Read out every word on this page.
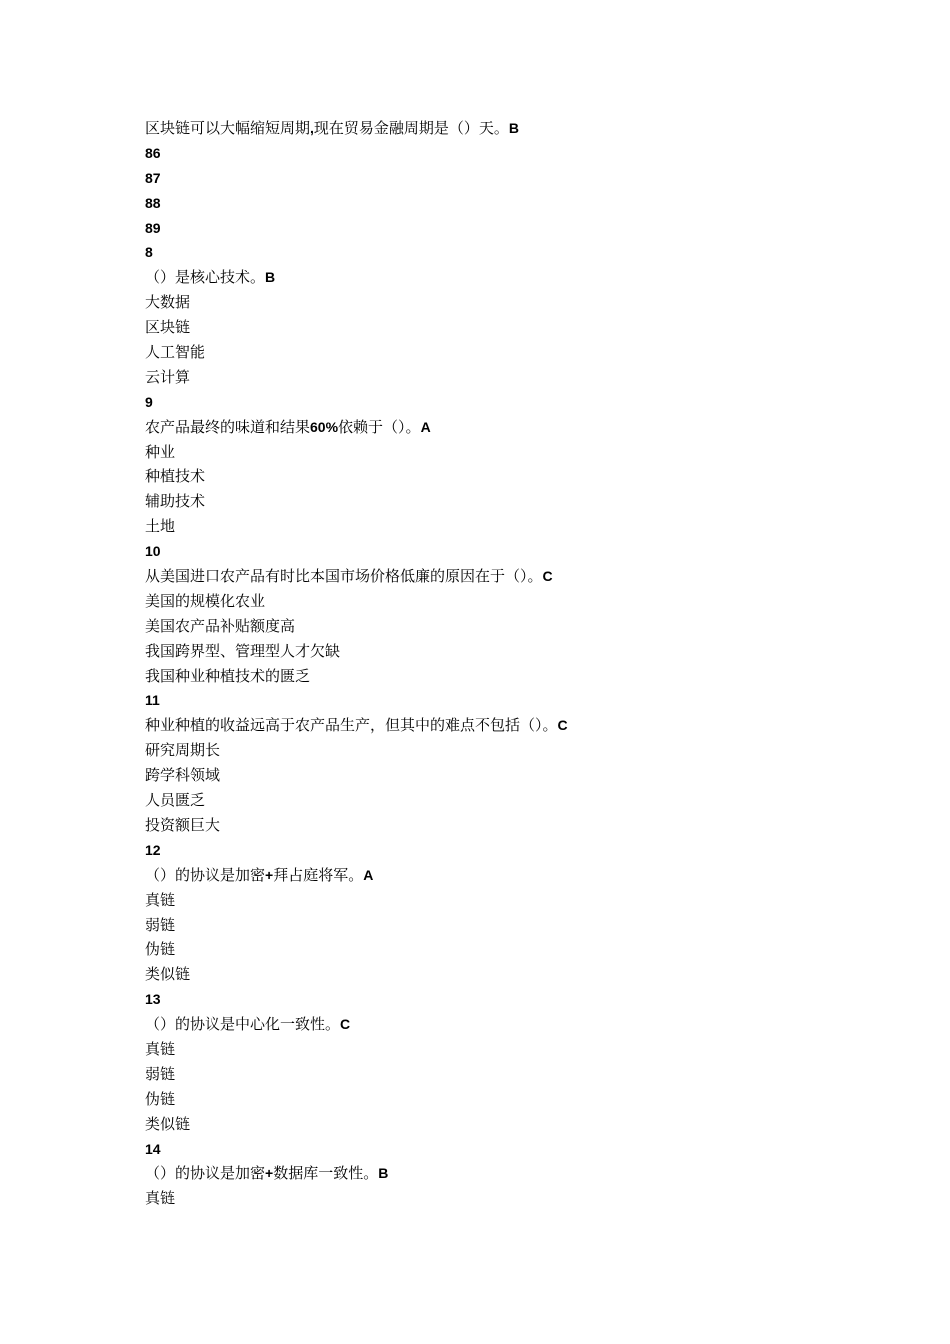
区块链可以大幅缩短周期,现在贸易金融周期是（）天。B
86
87
88
89
8
（）是核心技术。B
大数据
区块链
人工智能
云计算
9
农产品最终的味道和结果60%依赖于（）。A
种业
种植技术
辅助技术
土地
10
从美国进口农产品有时比本国市场价格低廉的原因在于（）。C
美国的规模化农业
美国农产品补贴额度高
我国跨界型、管理型人才欠缺
我国种业种植技术的匮乏
11
种业种植的收益远高于农产品生产，但其中的难点不包括（）。C
研究周期长
跨学科领域
人员匮乏
投资额巨大
12
（）的协议是加密+拜占庭将军。A
真链
弱链
伪链
类似链
13
（）的协议是中心化一致性。C
真链
弱链
伪链
类似链
14
（）的协议是加密+数据库一致性。B
真链
